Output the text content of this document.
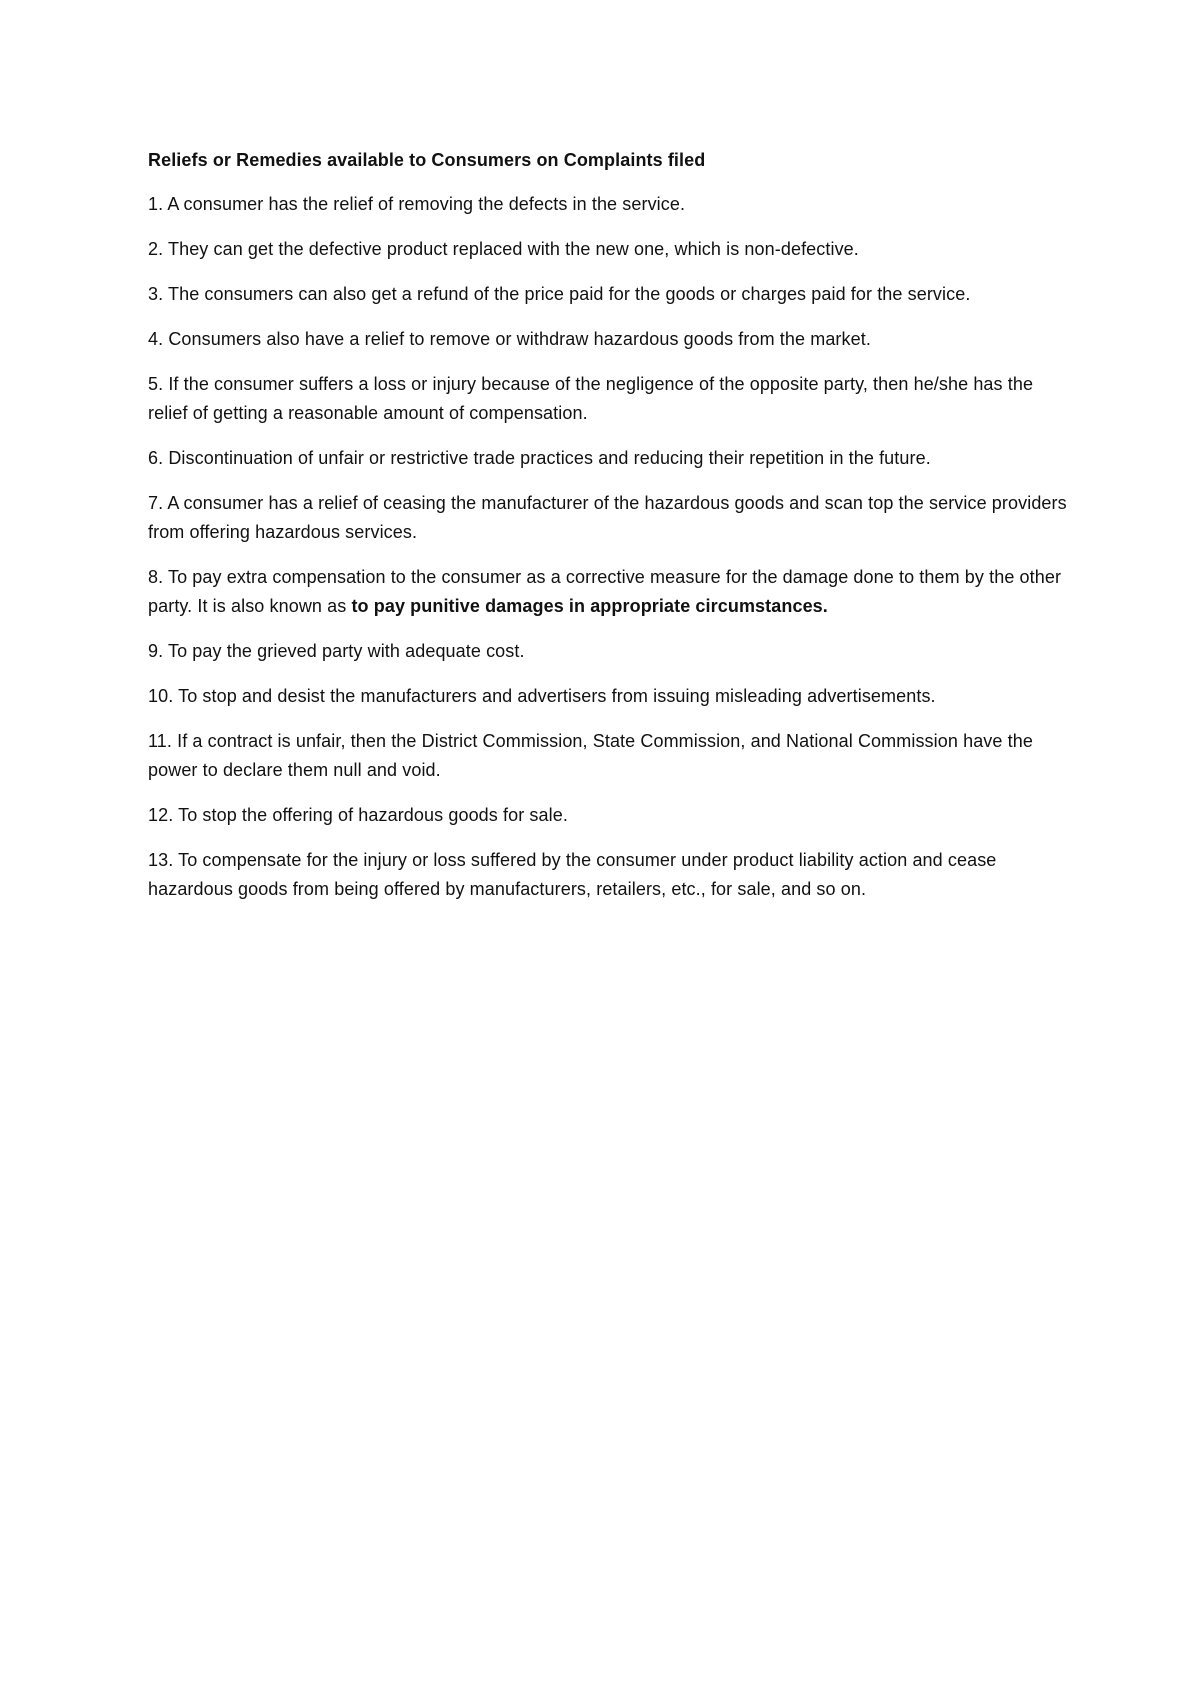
Reliefs or Remedies available to Consumers on Complaints filed
1. A consumer has the relief of removing the defects in the service.
2. They can get the defective product replaced with the new one, which is non-defective.
3. The consumers can also get a refund of the price paid for the goods or charges paid for the service.
4. Consumers also have a relief to remove or withdraw hazardous goods from the market.
5. If the consumer suffers a loss or injury because of the negligence of the opposite party, then he/she has the relief of getting a reasonable amount of compensation.
6. Discontinuation of unfair or restrictive trade practices and reducing their repetition in the future.
7. A consumer has a relief of ceasing the manufacturer of the hazardous goods and scan top the service providers from offering hazardous services.
8. To pay extra compensation to the consumer as a corrective measure for the damage done to them by the other party. It is also known as to pay punitive damages in appropriate circumstances.
9. To pay the grieved party with adequate cost.
10. To stop and desist the manufacturers and advertisers from issuing misleading advertisements.
11. If a contract is unfair, then the District Commission, State Commission, and National Commission have the power to declare them null and void.
12. To stop the offering of hazardous goods for sale.
13. To compensate for the injury or loss suffered by the consumer under product liability action and cease hazardous goods from being offered by manufacturers, retailers, etc., for sale, and so on.
